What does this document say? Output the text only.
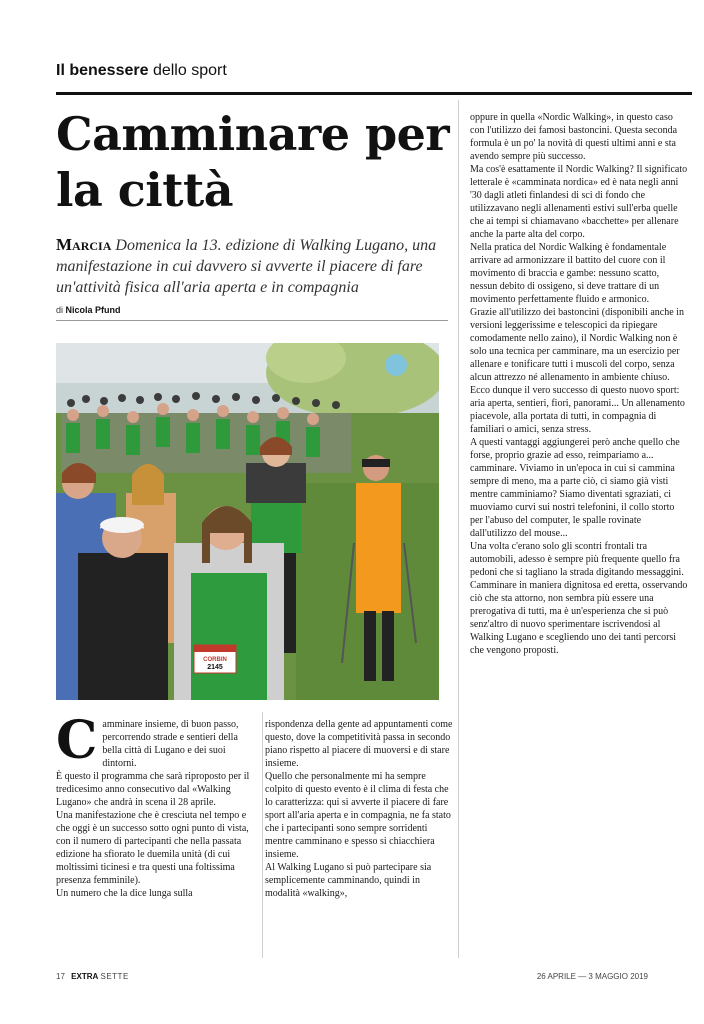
Il benessere dello sport
Camminare per la città
Marcia Domenica la 13. edizione di Walking Lugano, una manifestazione in cui davvero si avverte il piacere di fare un'attività fisica all'aria aperta e in compagnia
di Nicola Pfund
CORBIN
2145

oppure in quella «Nordic Walking», in questo caso con l'utilizzo dei famosi bastoncini. Questa seconda formula è un po' la novità di questi ultimi anni e sta avendo sempre più successo.

Ma cos'è esattamente il Nordic Walking? Il significato letterale è «camminata nordica» ed è nata negli anni '30 dagli atleti finlandesi di sci di fondo che utilizzavano negli allenamenti estivi sull'erba quelle che ai tempi si chiamavano «bacchette» per allenare anche la parte alta del corpo.

Nella pratica del Nordic Walking è fondamentale arrivare ad armonizzare il battito del cuore con il movimento di braccia e gambe: nessuno scatto, nessun debito di ossigeno, si deve trattare di un movimento perfettamente fluido e armonico.

Grazie all'utilizzo dei bastoncini (disponibili anche in versioni leggerissime e telescopici da ripiegare comodamente nello zaino), il Nordic Walking non è solo una tecnica per camminare, ma un esercizio per allenare e tonificare tutti i muscoli del corpo, senza alcun attrezzo né allenamento in ambiente chiuso.

Ecco dunque il vero successo di questo nuovo sport: aria aperta, sentieri, fiori, panorami... Un allenamento piacevole, alla portata di tutti, in compagnia di familiari o amici, senza stress.

A questi vantaggi aggiungerei però anche quello che forse, proprio grazie ad esso, reimpariamo a... camminare. Viviamo in un'epoca in cui si cammina sempre di meno, ma a parte ciò, ci siamo già visti mentre camminiamo? Siamo diventati sgraziati, ci muoviamo curvi sui nostri telefonini, il collo storto per l'abuso del computer, le spalle rovinate dall'utilizzo del mouse...

Una volta c'erano solo gli scontri frontali tra automobili, adesso è sempre più frequente quello fra pedoni che si tagliano la strada digitando messaggini. Camminare in maniera dignitosa ed eretta, osservando ciò che sta attorno, non sembra più essere una prerogativa di tutti, ma è un'esperienza che si può senz'altro di nuovo sperimentare iscrivendosi al Walking Lugano e scegliendo uno dei tanti percorsi che vengono proposti.

Camminare insieme, di buon passo, percorrendo strade e sentieri della bella città di Lugano e dei suoi dintorni.

È questo il programma che sarà riproposto per il tredicesimo anno consecutivo dal «Walking Lugano» che andrà in scena il 28 aprile.

Una manifestazione che è cresciuta nel tempo e che oggi è un successo sotto ogni punto di vista, con il numero di partecipanti che nella passata edizione ha sfiorato le duemila unità (di cui moltissimi ticinesi e tra questi una foltissima presenza femminile).

Un numero che la dice lunga sulla

rispondenza della gente ad appuntamenti come questo, dove la competitività passa in secondo piano rispetto al piacere di muoversi e di stare insieme.

Quello che personalmente mi ha sempre colpito di questo evento è il clima di festa che lo caratterizza: qui si avverte il piacere di fare sport all'aria aperta e in compagnia, ne fa stato che i partecipanti sono sempre sorridenti mentre camminano e spesso si chiacchiera insieme.

Al Walking Lugano si può partecipare sia semplicemente camminando, quindi in modalità «walking»,

17 EXTRA SETTE	26 APRILE — 3 MAGGIO 2019
